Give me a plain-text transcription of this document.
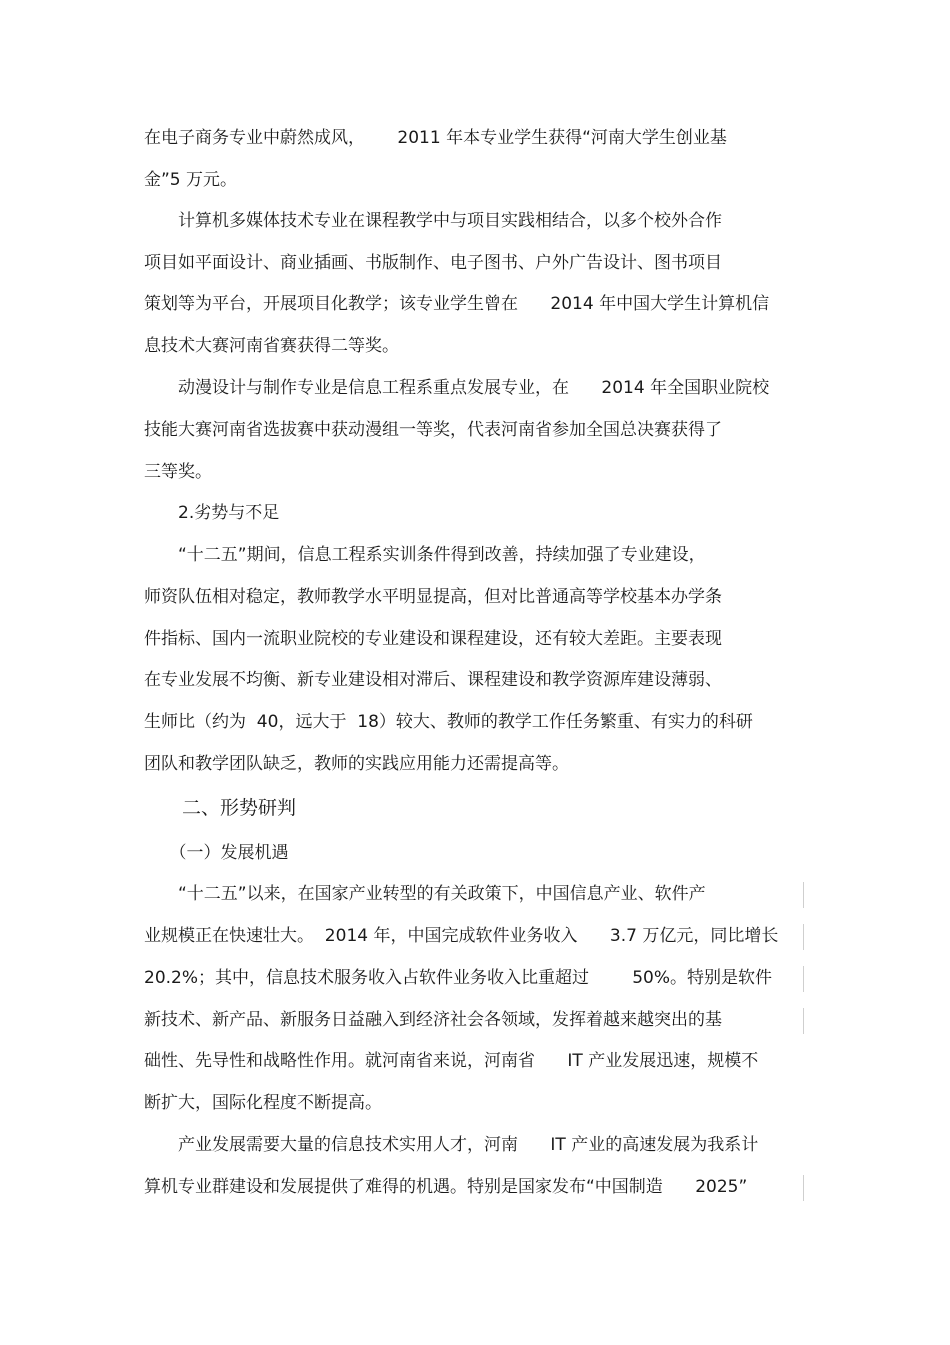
在电子商务专业中蔚然成风，      2011 年本专业学生获得“河南大学生创业基

金”5 万元。

　　计算机多媒体技术专业在课程教学中与项目实践相结合，以多个校外合作

项目如平面设计、商业插画、书版制作、电子图书、户外广告设计、图书项目

策划等为平台，开展项目化教学；该专业学生曾在      2014 年中国大学生计算机信

息技术大赛河南省赛获得二等奖。

　　动漫设计与制作专业是信息工程系重点发展专业，在      2014 年全国职业院校

技能大赛河南省选拔赛中获动漫组一等奖，代表河南省参加全国总决赛获得了

三等奖。

　　2.劣势与不足

　　“十二五”期间，信息工程系实训条件得到改善，持续加强了专业建设，

师资队伍相对稳定，教师教学水平明显提高，但对比普通高等学校基本办学条

件指标、国内一流职业院校的专业建设和课程建设，还有较大差距。主要表现

在专业发展不均衡、新专业建设相对滞后、课程建设和教学资源库建设薄弱、

生师比（约为  40，远大于  18）较大、教师的教学工作任务繁重、有实力的科研

团队和教学团队缺乏，教师的实践应用能力还需提高等。

　　二、形势研判

　　（一）发展机遇

　　“十二五”以来，在国家产业转型的有关政策下，中国信息产业、软件产

业规模正在快速壮大。  2014 年，中国完成软件业务收入      3.7 万亿元，同比增长

20.2%；其中，信息技术服务收入占软件业务收入比重超过        50%。特别是软件

新技术、新产品、新服务日益融入到经济社会各领域，发挥着越来越突出的基

础性、先导性和战略性作用。就河南省来说，河南省      IT 产业发展迅速，规模不

断扩大，国际化程度不断提高。

　　产业发展需要大量的信息技术实用人才，河南      IT 产业的高速发展为我系计

算机专业群建设和发展提供了难得的机遇。特别是国家发布“中国制造      2025”
